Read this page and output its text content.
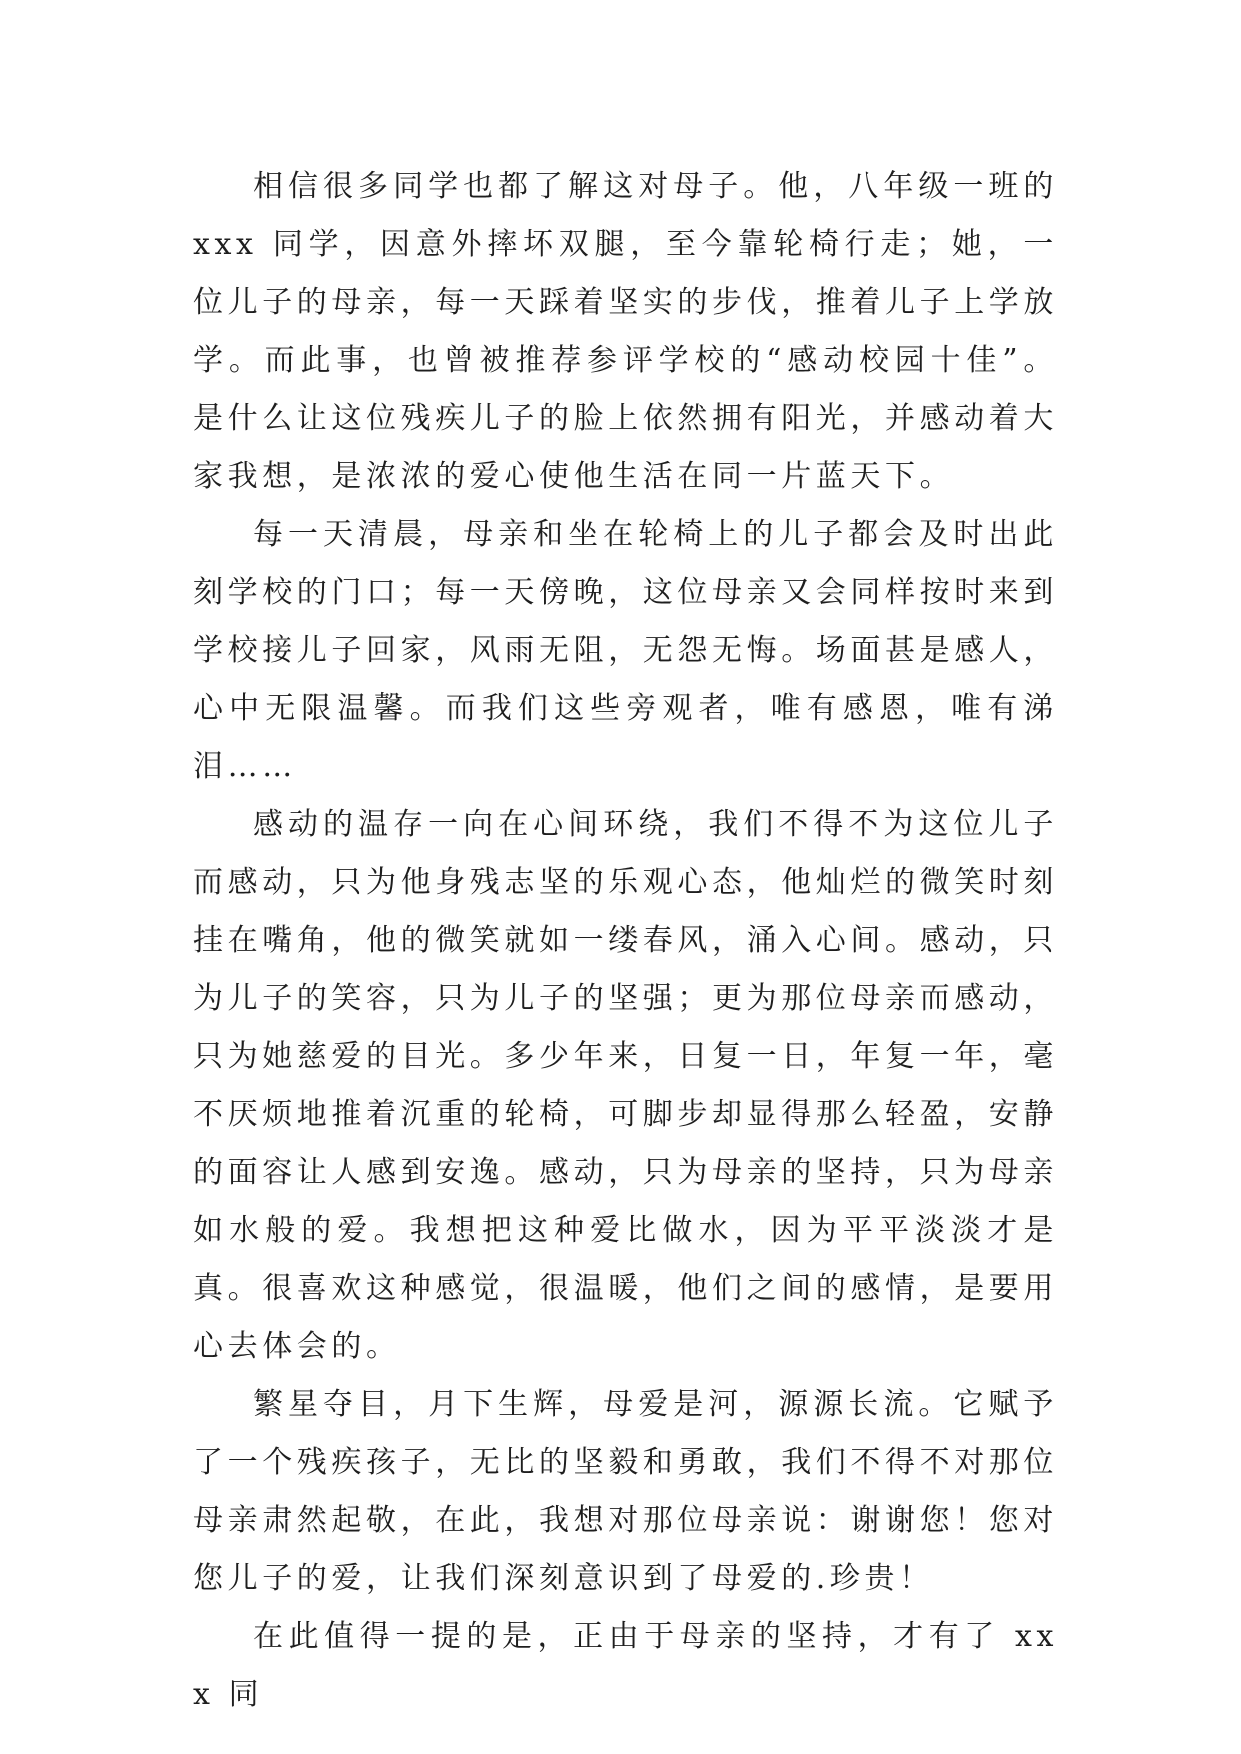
相信很多同学也都了解这对母子。他，八年级一班的 xxx 同学，因意外摔坏双腿，至今靠轮椅行走；她，一位儿子的母亲，每一天踩着坚实的步伐，推着儿子上学放学。而此事，也曾被推荐参评学校的“感动校园十佳”。是什么让这位残疾儿子的脸上依然拥有阳光，并感动着大家我想，是浓浓的爱心使他生活在同一片蓝天下。

每一天清晨，母亲和坐在轮椅上的儿子都会及时出此刻学校的门口；每一天傍晚，这位母亲又会同样按时来到学校接儿子回家，风雨无阻，无怨无悔。场面甚是感人，心中无限温馨。而我们这些旁观者，唯有感恩，唯有涕泪……

感动的温存一向在心间环绕，我们不得不为这位儿子而感动，只为他身残志坚的乐观心态，他灿烂的微笑时刻挂在嘴角，他的微笑就如一缕春风，涌入心间。感动，只为儿子的笑容，只为儿子的坚强；更为那位母亲而感动，只为她慈爱的目光。多少年来，日复一日，年复一年，毫不厌烦地推着沉重的轮椅，可脚步却显得那么轻盈，安静的面容让人感到安逸。感动，只为母亲的坚持，只为母亲如水般的爱。我想把这种爱比做水，因为平平淡淡才是真。很喜欢这种感觉，很温暖，他们之间的感情，是要用心去体会的。

繁星夺目，月下生辉，母爱是河，源源长流。它赋予了一个残疾孩子，无比的坚毅和勇敢，我们不得不对那位母亲肃然起敬，在此，我想对那位母亲说：谢谢您！您对您儿子的爱，让我们深刻意识到了母爱的.珍贵！

在此值得一提的是，正由于母亲的坚持，才有了 xxx 同
